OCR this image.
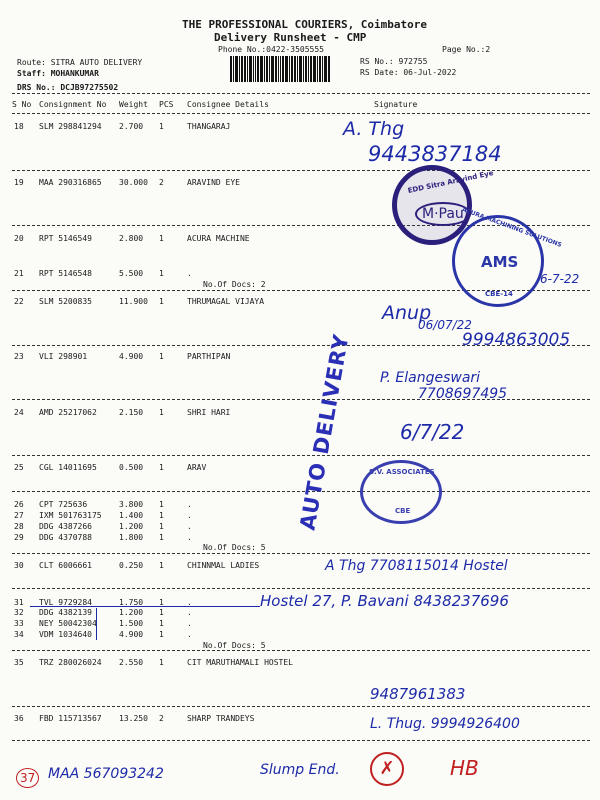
THE PROFESSIONAL COURIERS, Coimbatore
Delivery Runsheet - CMP
Phone No.:0422-3505555	Page No.:2
Route: SITRA AUTO DELIVERY
Staff: MOHANKUMAR
DRS No.: DCJB97275502
RS No.: 972755
RS Date: 06-Jul-2022
S No Consignment No Weight PCS Consignee Details	Signature
18 SLM 298841294 2.700 1	THANGARAJ
19 MAA 290316865 30.000 2	ARAVIND EYE
20 RPT 5146549	2.800 1	ACURA MACHINE
21 RPT 5146548	5.500 1	.
No.Of Docs: 2
22 SLM 5200835	11.900 1	THRUMAGAL VIJAYA
23 VLI 298901	4.900 1	PARTHIPAN
24 AMD 25217062	2.150 1	SHRI HARI
25 CGL 14011695	0.500 1	ARAV
26 CPT 725636	3.800 1	.
27 IXM 501763175 1.400 1	.
28 DDG 4387266	1.200 1	.
29 DDG 4370788	1.800 1	.
No.Of Docs: 5
30 CLT 6006661	0.250 1	CHINNMAL LADIES
31 TVL 9729284	1.750 1	.
32 DDG 4382139	1.200 1	.
33 NEY 50042304	1.500 1	.
34 VDM 1034640	4.900 1	.
No.Of Docs: 5
35 TRZ 280026024 2.550 1	CIT MARUTHAMALI HOSTEL
36 FBD 115713567 13.250 2	SHARP TRANDEYS
AUTO DELIVERY
EDD Sitra Aravind Eye
M·Pau
ACURA MACHINING SOLUTIONS
AMS
CBE-14
S.V. ASSOCIATES
CBE
A. Thg
9443837184
6-7-22
Anup
06/07/22
9994863005
P. Elangeswari
7708697495
6/7/22
A Thg 7708115014 Hostel
Hostel 27, P. Bavani 8438237696
9487961383
L. Thug. 9994926400
37 MAA 567093242	Slump End.	✗	HB
